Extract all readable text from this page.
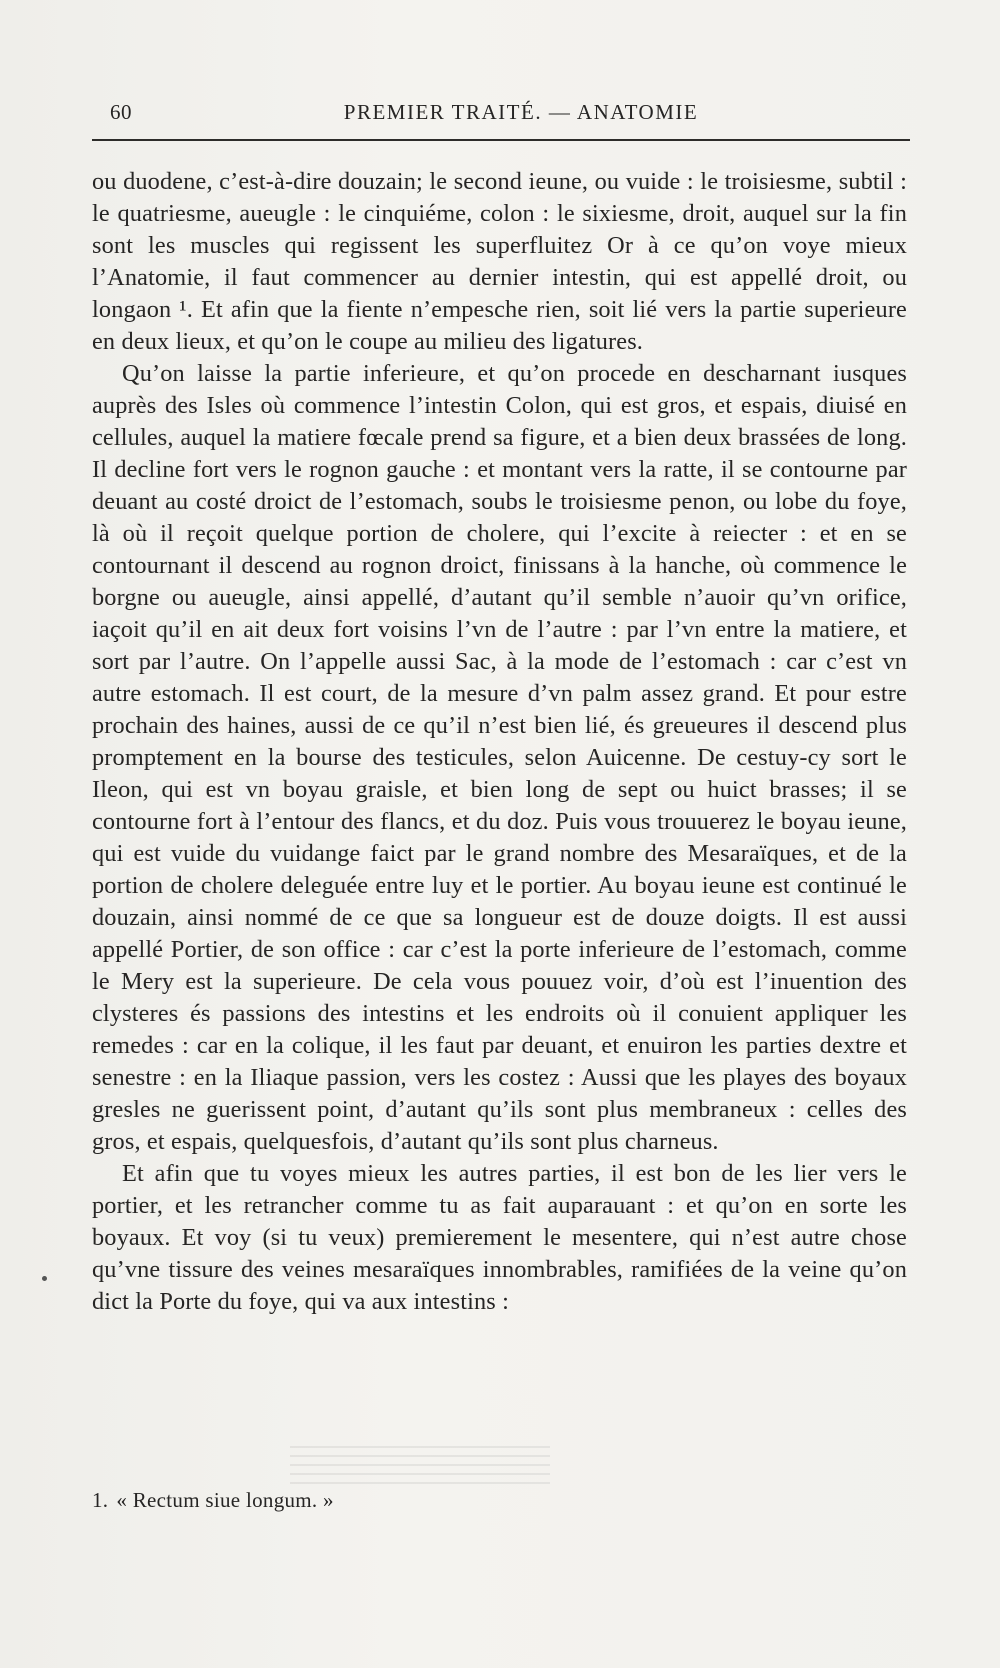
60	PREMIER TRAITÉ. — ANATOMIE

ou duodene, c’est-à-dire douzain; le second ieune, ou vuide : le troisiesme, subtil : le quatriesme, aueugle : le cinquiéme, colon : le sixiesme, droit, auquel sur la fin sont les muscles qui regissent les superfluitez Or à ce qu’on voye mieux l’Anatomie, il faut commencer au dernier intestin, qui est appellé droit, ou longaon ¹. Et afin que la fiente n’empesche rien, soit lié vers la partie superieure en deux lieux, et qu’on le coupe au milieu des ligatures.

Qu’on laisse la partie inferieure, et qu’on procede en descharnant iusques auprès des Isles où commence l’intestin Colon, qui est gros, et espais, diuisé en cellules, auquel la matiere fœcale prend sa figure, et a bien deux brassées de long. Il decline fort vers le rognon gauche : et montant vers la ratte, il se contourne par deuant au costé droict de l’estomach, soubs le troisiesme penon, ou lobe du foye, là où il reçoit quelque portion de cholere, qui l’excite à reiecter : et en se contournant il descend au rognon droict, finissans à la hanche, où commence le borgne ou aueugle, ainsi appellé, d’autant qu’il semble n’auoir qu’vn orifice, iaçoit qu’il en ait deux fort voisins l’vn de l’autre : par l’vn entre la matiere, et sort par l’autre. On l’appelle aussi Sac, à la mode de l’estomach : car c’est vn autre estomach. Il est court, de la mesure d’vn palm assez grand. Et pour estre prochain des haines, aussi de ce qu’il n’est bien lié, és greueures il descend plus promptement en la bourse des testicules, selon Auicenne. De cestuy-cy sort le Ileon, qui est vn boyau graisle, et bien long de sept ou huict brasses; il se contourne fort à l’entour des flancs, et du doz. Puis vous trouuerez le boyau ieune, qui est vuide du vuidange faict par le grand nombre des Mesaraïques, et de la portion de cholere deleguée entre luy et le portier. Au boyau ieune est continué le douzain, ainsi nommé de ce que sa longueur est de douze doigts. Il est aussi appellé Portier, de son office : car c’est la porte inferieure de l’estomach, comme le Mery est la superieure. De cela vous pouuez voir, d’où est l’inuention des clysteres és passions des intestins et les endroits où il conuient appliquer les remedes : car en la colique, il les faut par deuant, et enuiron les parties dextre et senestre : en la Iliaque passion, vers les costez : Aussi que les playes des boyaux gresles ne guerissent point, d’autant qu’ils sont plus membraneux : celles des gros, et espais, quelquesfois, d’autant qu’ils sont plus charneus.

Et afin que tu voyes mieux les autres parties, il est bon de les lier vers le portier, et les retrancher comme tu as fait auparauant : et qu’on en sorte les boyaux. Et voy (si tu veux) premierement le mesentere, qui n’est autre chose qu’vne tissure des veines mesaraïques innombrables, ramifiées de la veine qu’on dict la Porte du foye, qui va aux intestins :

1. « Rectum siue longum. »
